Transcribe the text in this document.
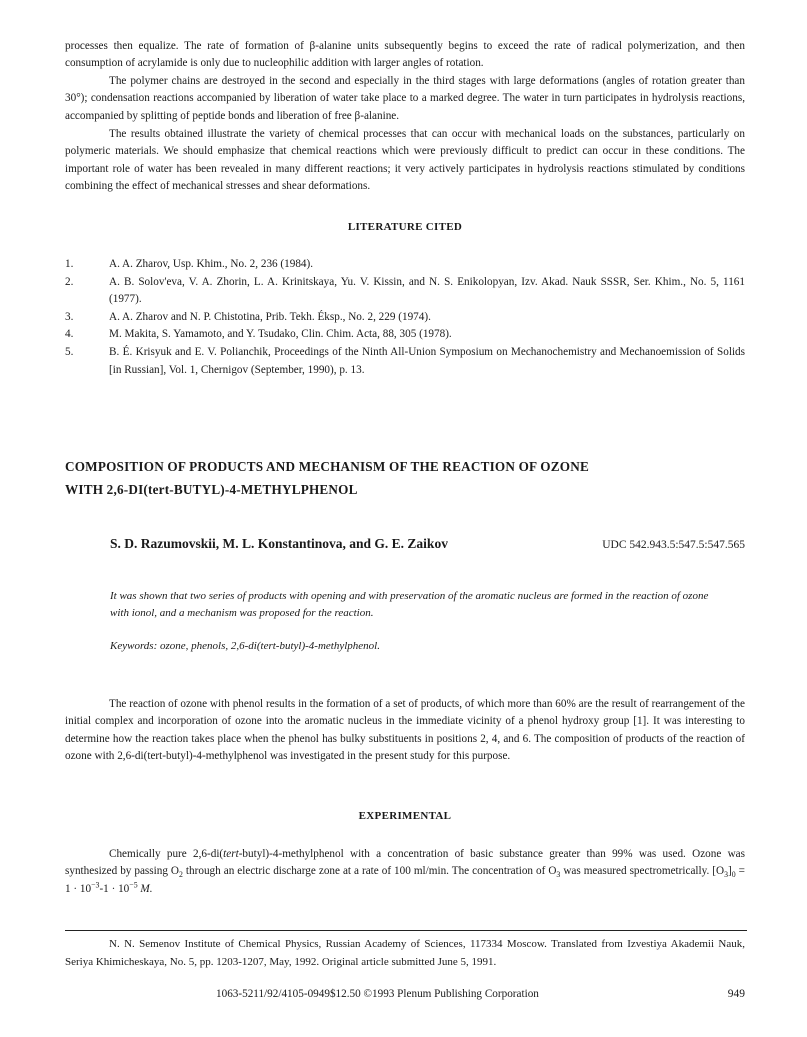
processes then equalize. The rate of formation of β-alanine units subsequently begins to exceed the rate of radical polymerization, and then consumption of acrylamide is only due to nucleophilic addition with larger angles of rotation.

The polymer chains are destroyed in the second and especially in the third stages with large deformations (angles of rotation greater than 30°); condensation reactions accompanied by liberation of water take place to a marked degree. The water in turn participates in hydrolysis reactions, accompanied by splitting of peptide bonds and liberation of free β-alanine.

The results obtained illustrate the variety of chemical processes that can occur with mechanical loads on the substances, particularly on polymeric materials. We should emphasize that chemical reactions which were previously difficult to predict can occur in these conditions. The important role of water has been revealed in many different reactions; it very actively participates in hydrolysis reactions stimulated by conditions combining the effect of mechanical stresses and shear deformations.

LITERATURE CITED
1.	A. A. Zharov, Usp. Khim., No. 2, 236 (1984).
2.	A. B. Solov'eva, V. A. Zhorin, L. A. Krinitskaya, Yu. V. Kissin, and N. S. Enikolopyan, Izv. Akad. Nauk SSSR, Ser. Khim., No. 5, 1161 (1977).
3.	A. A. Zharov and N. P. Chistotina, Prib. Tekh. Éksp., No. 2, 229 (1974).
4.	M. Makita, S. Yamamoto, and Y. Tsudako, Clin. Chim. Acta, 88, 305 (1978).
5.	B. É. Krisyuk and E. V. Polianchik, Proceedings of the Ninth All-Union Symposium on Mechanochemistry and Mechanoemission of Solids [in Russian], Vol. 1, Chernigov (September, 1990), p. 13.
COMPOSITION OF PRODUCTS AND MECHANISM OF THE REACTION OF OZONE WITH 2,6-DI(tert-BUTYL)-4-METHYLPHENOL

S. D. Razumovskii, M. L. Konstantinova, and G. E. Zaikov	UDC 542.943.5:547.5:547.565

It was shown that two series of products with opening and with preservation of the aromatic nucleus are formed in the reaction of ozone with ionol, and a mechanism was proposed for the reaction.

Keywords: ozone, phenols, 2,6-di(tert-butyl)-4-methylphenol.

The reaction of ozone with phenol results in the formation of a set of products, of which more than 60% are the result of rearrangement of the initial complex and incorporation of ozone into the aromatic nucleus in the immediate vicinity of a phenol hydroxy group [1]. It was interesting to determine how the reaction takes place when the phenol has bulky substituents in positions 2, 4, and 6. The composition of products of the reaction of ozone with 2,6-di(tert-butyl)-4-methylphenol was investigated in the present study for this purpose.

EXPERIMENTAL

Chemically pure 2,6-di(tert-butyl)-4-methylphenol with a concentration of basic substance greater than 99% was used. Ozone was synthesized by passing $O_2$ through an electric discharge zone at a rate of 100 ml/min. The concentration of $O_3$ was measured spectrometrically. $[O_3]_0 = 1 \cdot 10^{-3}-1 \cdot 10^{-5}$ M.

N. N. Semenov Institute of Chemical Physics, Russian Academy of Sciences, 117334 Moscow. Translated from Izvestiya Akademii Nauk, Seriya Khimicheskaya, No. 5, pp. 1203-1207, May, 1992. Original article submitted June 5, 1991.

1063-5211/92/4105-0949$12.50 ©1993 Plenum Publishing Corporation	949
